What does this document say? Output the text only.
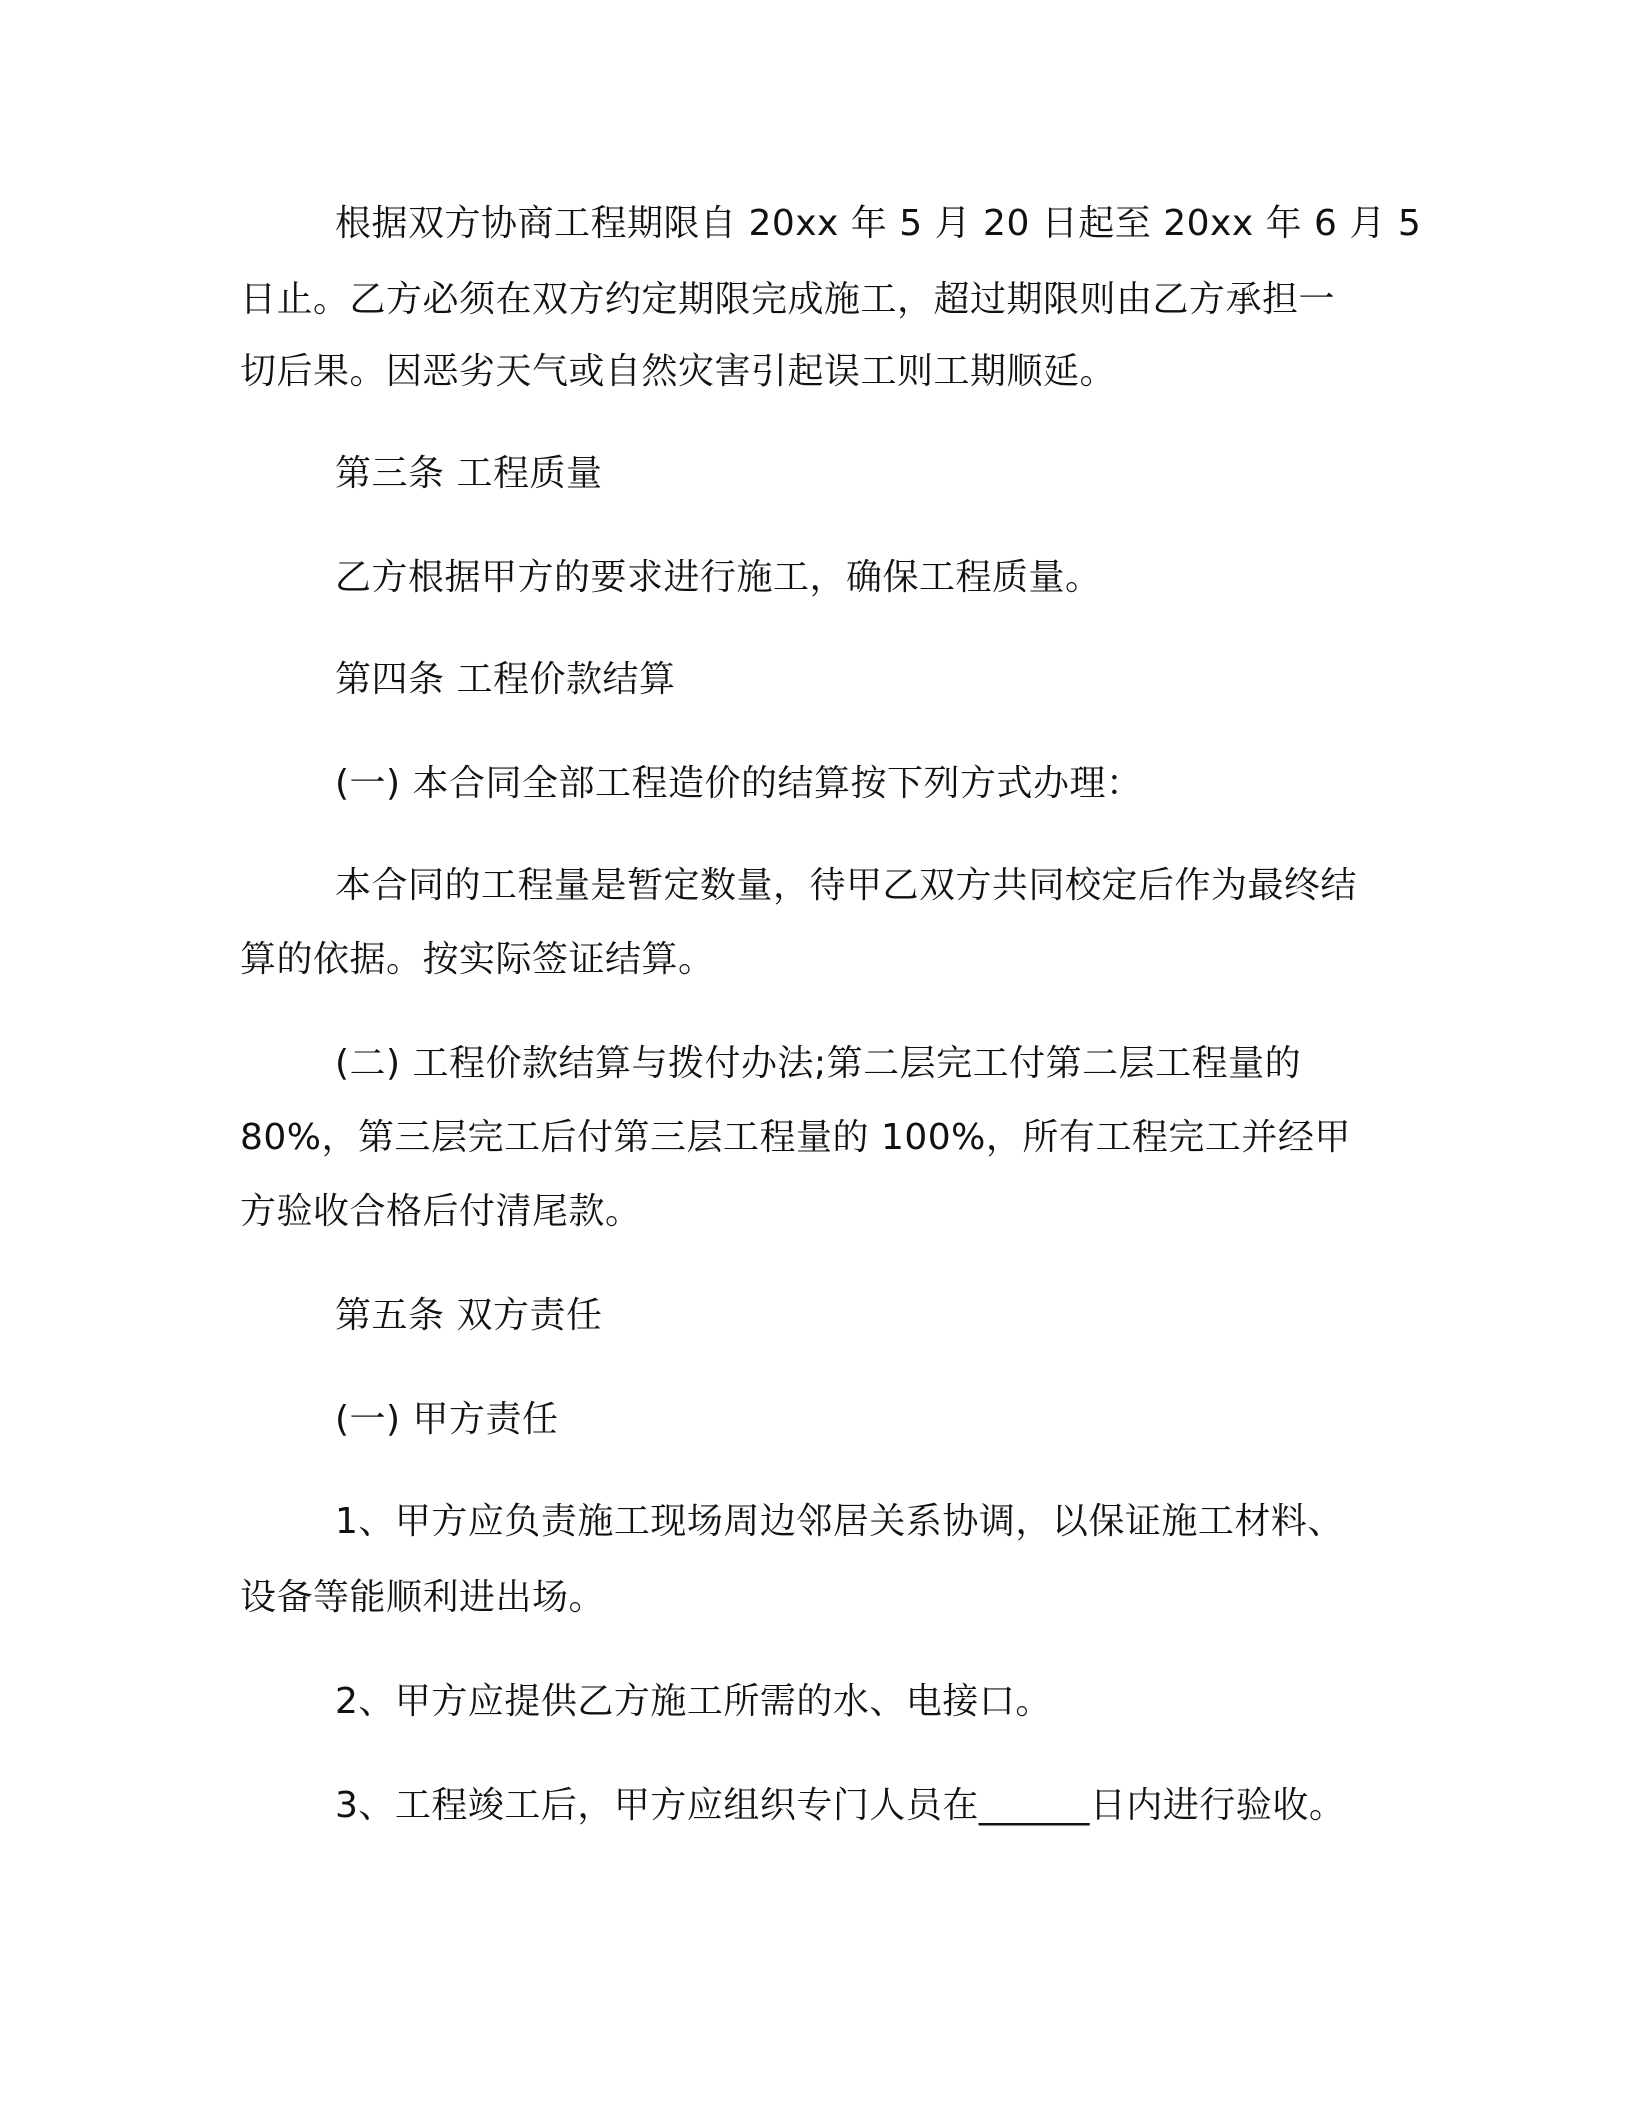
根据双方协商工程期限自 20xx 年 5 月 20 日起至 20xx 年 6 月 5
日止。乙方必须在双方约定期限完成施工，超过期限则由乙方承担一
切后果。因恶劣天气或自然灾害引起误工则工期顺延。
第三条 工程质量
乙方根据甲方的要求进行施工，确保工程质量。
第四条 工程价款结算
(一) 本合同全部工程造价的结算按下列方式办理：
本合同的工程量是暂定数量，待甲乙双方共同校定后作为最终结
算的依据。按实际签证结算。
(二) 工程价款结算与拨付办法;第二层完工付第二层工程量的
80%，第三层完工后付第三层工程量的 100%，所有工程完工并经甲
方验收合格后付清尾款。
第五条 双方责任
(一) 甲方责任
1、甲方应负责施工现场周边邻居关系协调，以保证施工材料、
设备等能顺利进出场。
2、甲方应提供乙方施工所需的水、电接口。
3、工程竣工后，甲方应组织专门人员在______日内进行验收。
